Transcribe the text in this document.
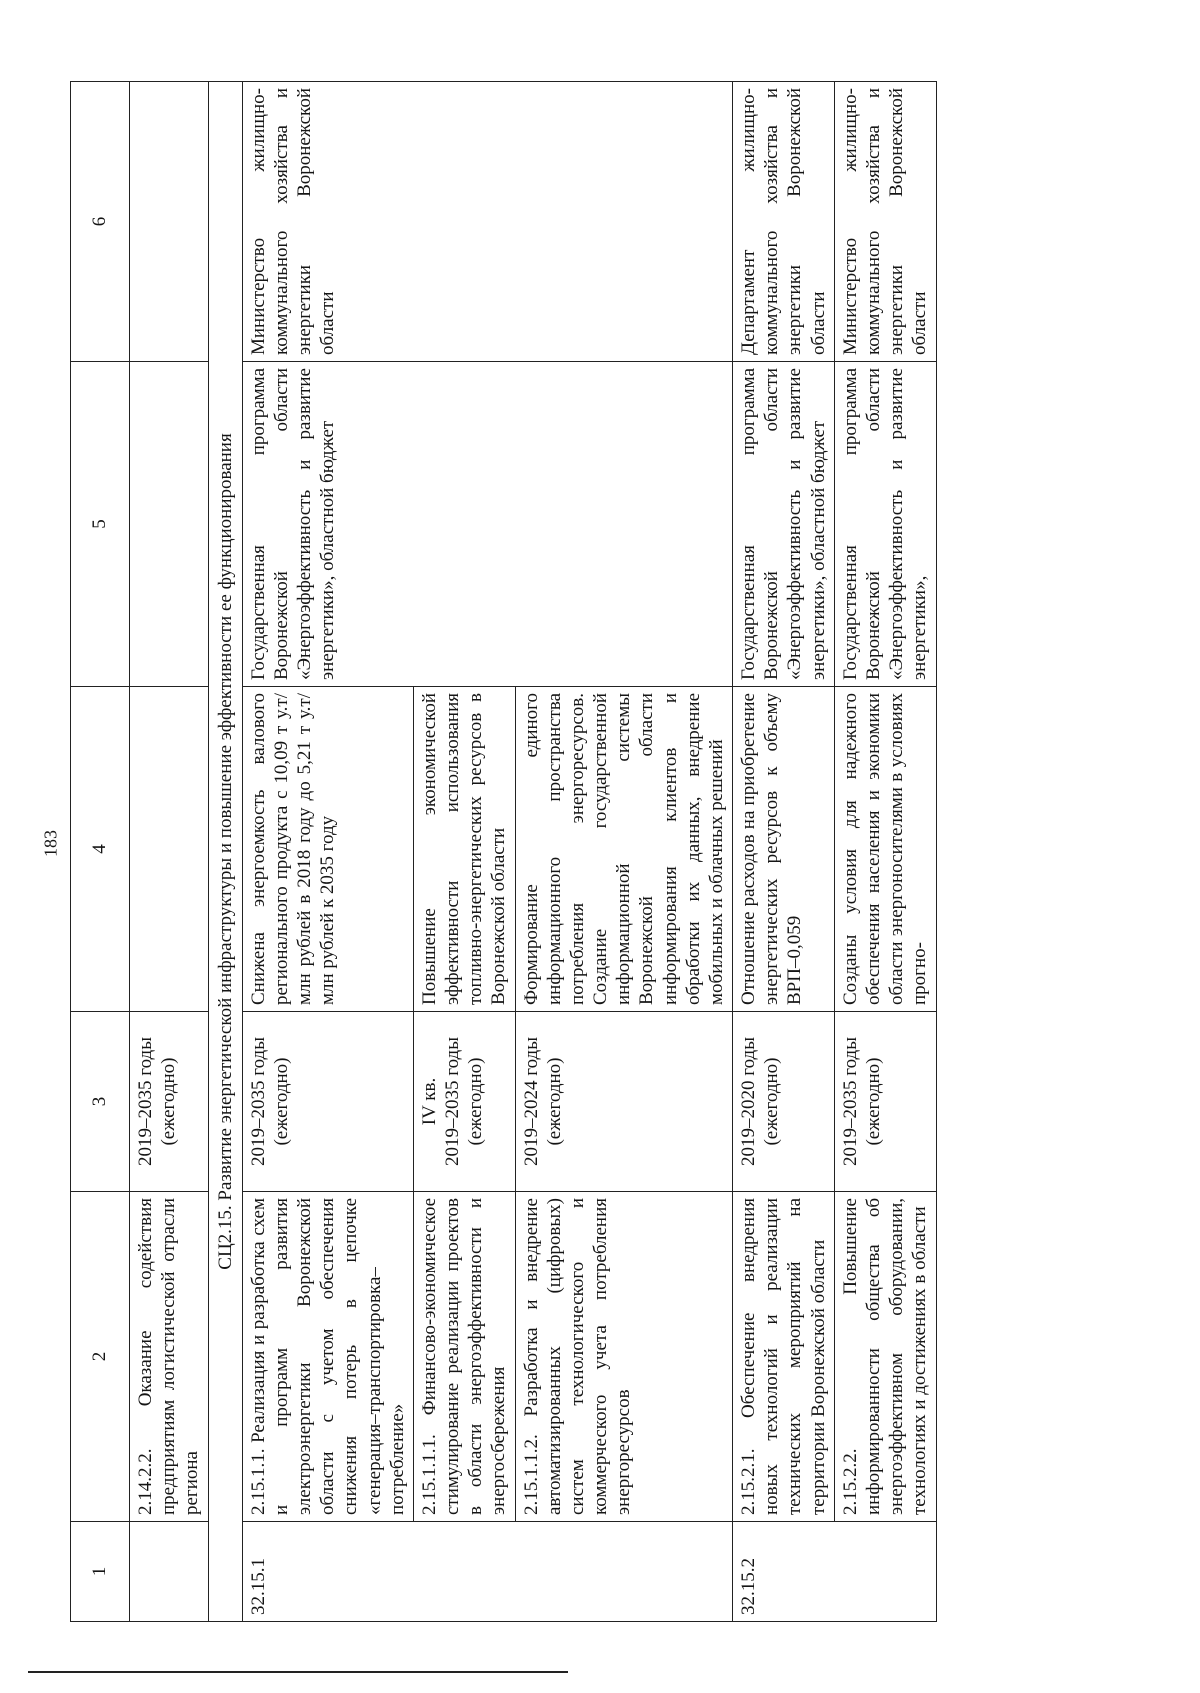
183
1	2	3	4	5	6
	2.14.2.2. Оказание содействия предприятиям логистической отрасли региона	2019–2035 годы (ежегодно)			
СЦ2.15. Развитие энергетической инфраструктуры и повышение эффективности ее функционирования					
32.15.1	2.15.1.1. Реализация и разработка схем и программ развития электроэнергетики Воронежской области с учетом обеспечения снижения потерь в цепочке «генерация–транспортировка–потребление»	2019–2035 годы (ежегодно)	Снижена энергоемкость валового регионального продукта с 10,09 т у.т/млн рублей в 2018 году до 5,21 т у.т/млн рублей к 2035 году	Государственная программа Воронежской области «Энергоэффективность и развитие энергетики», областной бюджет	Министерство жилищно-коммунального хозяйства и энергетики Воронежской области
	2.15.1.1.1. Финансово-экономическое стимулирование реализации проектов в области энергоэффективности и энергосбережения	IV кв. 2019–2035 годы (ежегодно)	Повышение экономической эффективности использования топливно-энергетических ресурсов в Воронежской области		
	2.15.1.1.2. Разработка и внедрение автоматизированных (цифровых) систем технологического и коммерческого учета потребления энергоресурсов	2019–2024 годы (ежегодно)	Формирование единого информационного пространства потребления энергоресурсов. Создание государственной информационной системы Воронежской области информирования клиентов и обработки их данных, внедрение мобильных и облачных решений		
32.15.2	2.15.2.1. Обеспечение внедрения новых технологий и реализации технических мероприятий на территории Воронежской области	2019–2020 годы (ежегодно)	Отношение расходов на приобретение энергетических ресурсов к объему ВРП–0,059	Государственная программа Воронежской области «Энергоэффективность и развитие энергетики», областной бюджет	Департамент жилищно-коммунального хозяйства и энергетики Воронежской области
	2.15.2.2. Повышение информированности общества об энергоэффективном оборудовании, технологиях и достижениях в области	2019–2035 годы (ежегодно)	Созданы условия для надежного обеспечения населения и экономики области энергоносителями в условиях прогно-	Государственная программа Воронежской области «Энергоэффективность и развитие энергетики»,	Министерство жилищно-коммунального хозяйства и энергетики Воронежской области
